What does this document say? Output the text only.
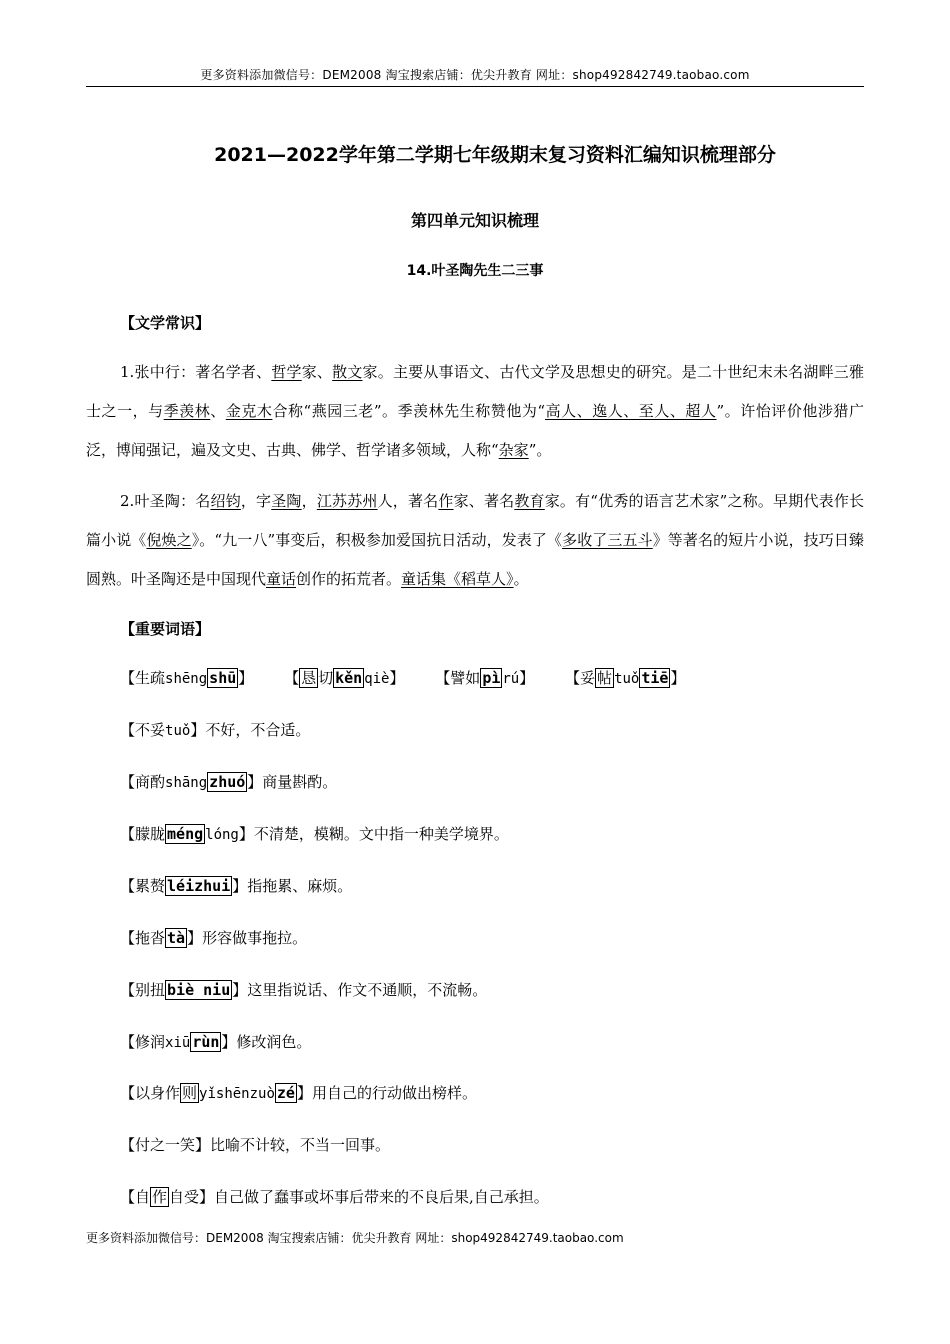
更多资料添加微信号：DEM2008 淘宝搜索店铺：优尖升教育 网址：shop492842749.taobao.com
2021—2022学年第二学期七年级期末复习资料汇编知识梳理部分
第四单元知识梳理
14.叶圣陶先生二三事
【文学常识】
1.张中行：著名学者、哲学家、散文家。主要从事语文、古代文学及思想史的研究。是二十世纪末未名湖畔三雅士之一，与季羡林、金克木合称“燕园三老”。季羡林先生称赞他为“高人、逸人、至人、超人”。许怡评价他涉猎广泛，博闻强记，遍及文史、古典、佛学、哲学诸多领域，人称“杂家”。
2.叶圣陶：名绍钧，字圣陶，江苏苏州人，著名作家、著名教育家。有“优秀的语言艺术家”之称。早期代表作长篇小说《倪焕之》。“九一八”事变后，积极参加爱国抗日活动，发表了《多收了三五斗》等著名的短片小说，技巧日臻圆熟。叶圣陶还是中国现代童话创作的拓荒者。童话集《稻草人》。
【重要词语】
【生疏shēng shū 】 【 恳 切 kěn qiè】 【譬如 pì rú】 【妥 帖 tuǒ tiē 】
【不妥tuǒ】不好，不合适。
【商酌shāng zhuó 】商量斟酌。
【朦胧 méng lóng】不清楚，模糊。文中指一种美学境界。
【累赘 léizhui 】指拖累、麻烦。
【拖沓 tà 】形容做事拖拉。
【别扭 biè niu 】这里指说话、作文不通顺，不流畅。
【修润xiū rùn 】修改润色。
【以身作 则 yǐshēnzuò zé 】用自己的行动做出榜样。
【付之一笑】比喻不计较，不当一回事。
【自 作 自受】自己做了蠢事或坏事后带来的不良后果,自己承担。
更多资料添加微信号：DEM2008 淘宝搜索店铺：优尖升教育 网址：shop492842749.taobao.com
